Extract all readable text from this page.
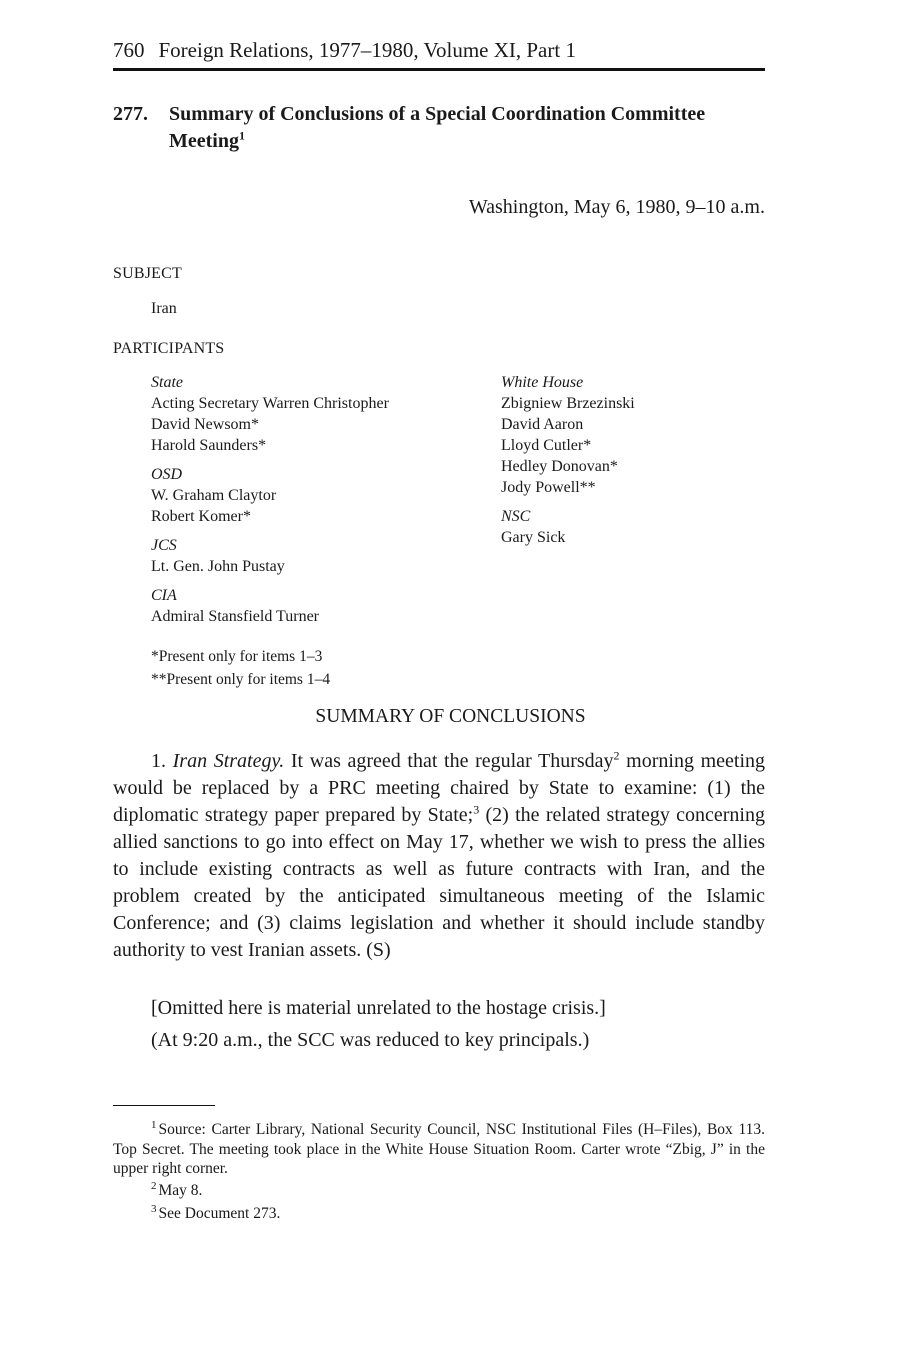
760 Foreign Relations, 1977–1980, Volume XI, Part 1
277. Summary of Conclusions of a Special Coordination Committee Meeting$^1$
Washington, May 6, 1980, 9–10 a.m.
SUBJECT
Iran
PARTICIPANTS
State
Acting Secretary Warren Christopher
David Newsom*
Harold Saunders*
OSD
W. Graham Claytor
Robert Komer*
JCS
Lt. Gen. John Pustay
CIA
Admiral Stansfield Turner
White House
Zbigniew Brzezinski
David Aaron
Lloyd Cutler*
Hedley Donovan*
Jody Powell**
NSC
Gary Sick
*Present only for items 1–3
**Present only for items 1–4
SUMMARY OF CONCLUSIONS
1. Iran Strategy. It was agreed that the regular Thursday$^2$ morning meeting would be replaced by a PRC meeting chaired by State to examine: (1) the diplomatic strategy paper prepared by State;$^3$ (2) the related strategy concerning allied sanctions to go into effect on May 17, whether we wish to press the allies to include existing contracts as well as future contracts with Iran, and the problem created by the anticipated simultaneous meeting of the Islamic Conference; and (3) claims legislation and whether it should include standby authority to vest Iranian assets. (S)
[Omitted here is material unrelated to the hostage crisis.]
(At 9:20 a.m., the SCC was reduced to key principals.)
$^1$ Source: Carter Library, National Security Council, NSC Institutional Files (H–Files), Box 113. Top Secret. The meeting took place in the White House Situation Room. Carter wrote “Zbig, J” in the upper right corner.
$^2$ May 8.
$^3$ See Document 273.
